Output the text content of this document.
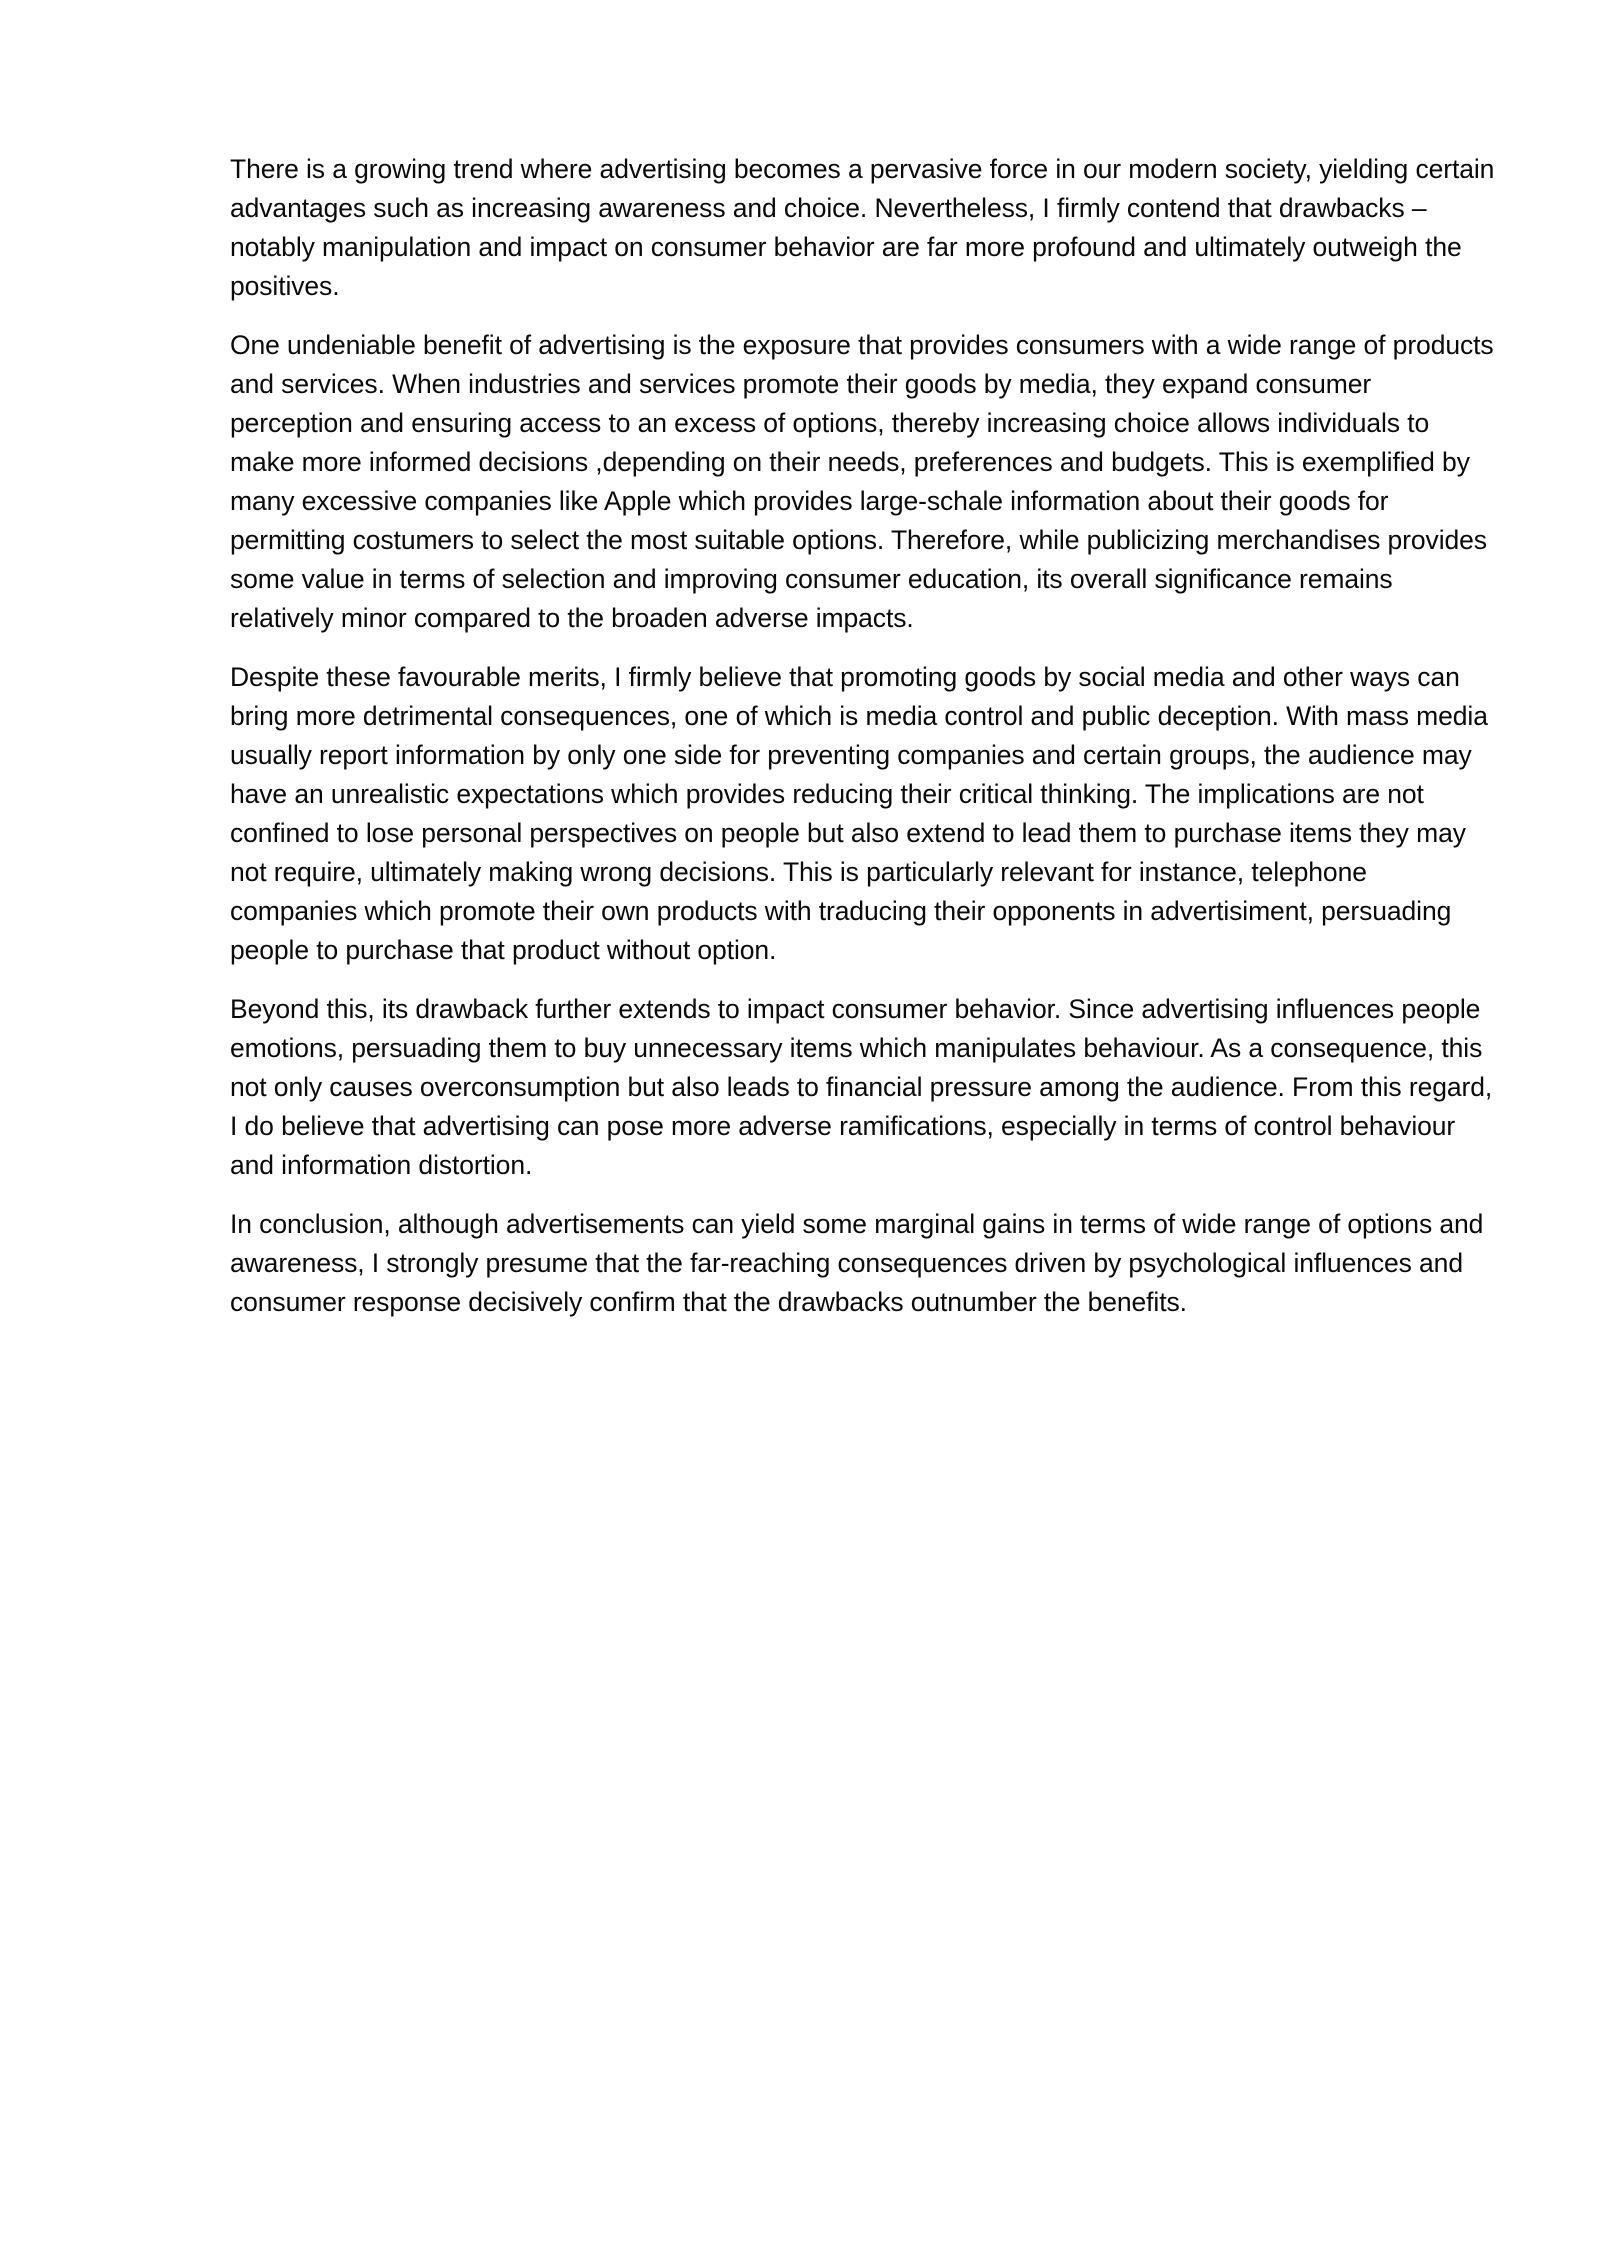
There is a growing trend where advertising becomes a pervasive force in our modern society, yielding certain advantages such as increasing awareness and choice. Nevertheless, I firmly contend that drawbacks – notably manipulation and impact on consumer behavior are far more profound and ultimately outweigh the positives.

One undeniable benefit of advertising is the exposure that provides consumers with a wide range of products and services. When industries and services promote their goods by media, they expand consumer perception and ensuring access to an excess of options, thereby increasing choice allows individuals to make more informed decisions ,depending on their needs, preferences and budgets. This is exemplified by many excessive companies like Apple which provides large-schale information about their goods for permitting costumers to select the most suitable options. Therefore, while publicizing merchandises provides some value in terms of selection and improving consumer education, its overall significance remains relatively minor compared to the broaden adverse impacts.

Despite these favourable merits, I firmly believe that promoting goods by social media and other ways can bring more detrimental consequences, one of which is media control and public deception. With mass media usually report information by only one side for preventing companies and certain groups, the audience may have an unrealistic expectations which provides reducing their critical thinking. The implications are not confined to lose personal perspectives on people but also extend to lead them to purchase items they may not require, ultimately making wrong decisions. This is particularly relevant for instance, telephone companies which promote their own products with traducing their opponents in advertisiment, persuading people to purchase that product without option.

Beyond this, its drawback further extends to impact consumer behavior. Since advertising influences people emotions, persuading them to buy unnecessary items which manipulates behaviour. As a consequence, this not only causes overconsumption but also leads to financial pressure among the audience. From this regard, I do believe that advertising can pose more adverse ramifications, especially in terms of control behaviour and information distortion.

In conclusion, although advertisements can yield some marginal gains in terms of wide range of options and awareness, I strongly presume that the far-reaching consequences driven by psychological influences and consumer response decisively confirm that the drawbacks outnumber the benefits.
